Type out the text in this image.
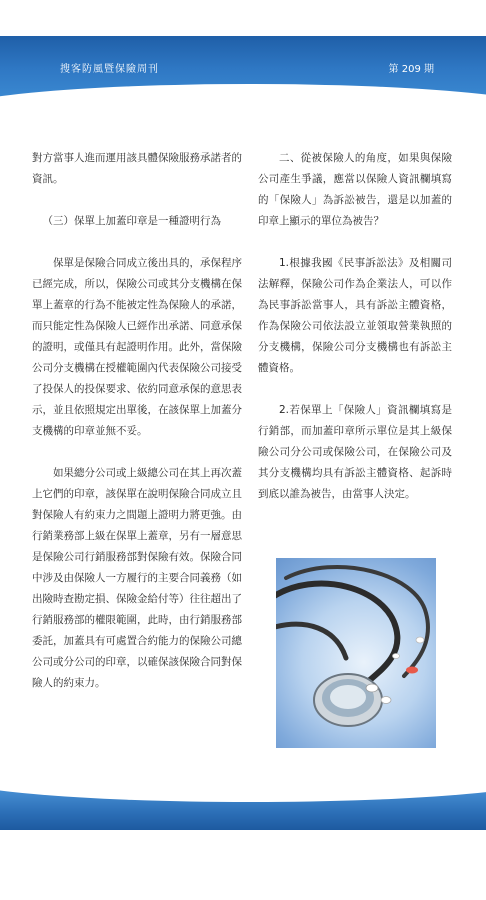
搜客防風暨保險周刊	第 209 期

對方當事人進而運用該具體保險服務承諾者的資訊。

（三）保單上加蓋印章是一種證明行為

保單是保險合同成立後出具的，承保程序已經完成，所以，保險公司或其分支機構在保單上蓋章的行為不能被定性為保險人的承諾，而只能定性為保險人已經作出承諾、同意承保的證明，或僅具有起證明作用。此外，當保險公司分支機構在授權範圍內代表保險公司接受了投保人的投保要求、依約同意承保的意思表示，並且依照規定出單後，在該保單上加蓋分支機構的印章並無不妥。

如果總分公司或上級總公司在其上再次蓋上它們的印章，該保單在說明保險合同成立且對保險人有約束力之間題上證明力將更強。由行銷業務部上級在保單上蓋章，另有一層意思是保險公司行銷服務部對保險有效。保險合同中涉及由保險人一方履行的主要合同義務（如出險時查勘定損、保險金給付等）往往超出了行銷服務部的權限範圍，此時，由行銷服務部委託，加蓋具有可處置合約能力的保險公司總公司或分公司的印章，以確保該保險合同對保險人的約束力。

二、從被保險人的角度，如果與保險公司產生爭議，應當以保險人資訊欄填寫的「保險人」為訴訟被告，還是以加蓋的印章上顯示的單位為被告？

1.根據我國《民事訴訟法》及相關司法解釋，保險公司作為企業法人，可以作為民事訴訟當事人，具有訴訟主體資格，作為保險公司依法設立並領取營業執照的分支機構，保險公司分支機構也有訴訟主體資格。

2.若保單上「保險人」資訊欄填寫是行銷部，而加蓋印章所示單位是其上級保險公司分公司或保險公司，在保險公司及其分支機構均具有訴訟主體資格、起訴時到底以誰為被告，由當事人決定。
